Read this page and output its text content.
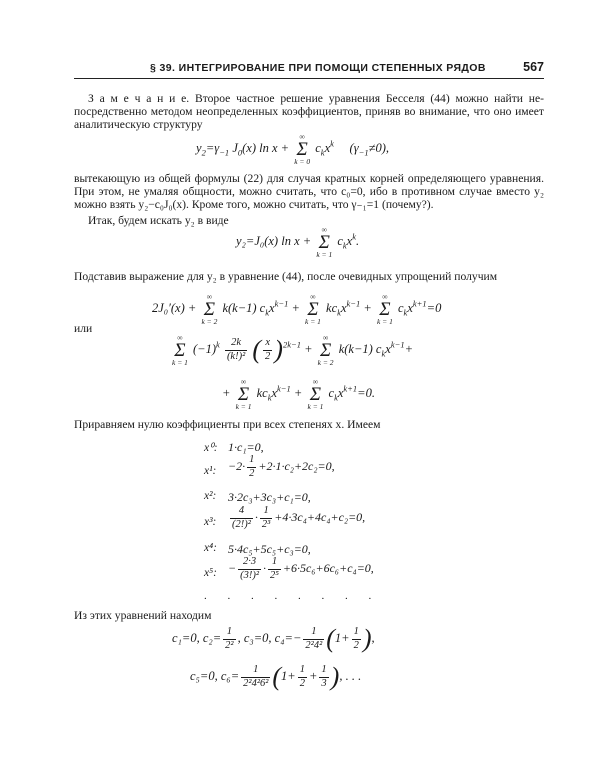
§ 39. ИНТЕГРИРОВАНИЕ ПРИ ПОМОЩИ СТЕПЕННЫХ РЯДОВ	567
З а м е ч а н и е. Второе частное решение уравнения Бесселя (44) можно найти не-посредственно методом неопределенных коэффициентов, приняв во внимание, что оно имеет аналитическую структуру
$y_2=\gamma_{-1}$ $J_0(x)$ ln x +
∞
Σ
k = 0
$c_kx^k$ $(\gamma_{-1}\ne 0)$,
вытекающую из общей формулы (22) для случая кратных корней определяющего уравнения. При этом, не умаляя общности, можно считать, что c₀=0, ибо в противном случае вместо y₂ можно взять y₂−c₀J₀(x). Кроме того, можно считать, что γ₋₁=1 (почему?).
Итак, будем искать y₂ в виде
y₂=J₀(x) ln x +
∞
Σ
k = 1
$c_kx^k$.
Подставив выражение для y₂ в уравнение (44), после очевидных упрощений получим
2J₀′(x) +
∞
Σ
k = 2
k(k−1) $c_kx^{k-1}$ +
∞
Σ
k = 1
$kc_kx^{k-1}$ +
∞
Σ
k = 1
$c_kx^{k+1}=0$
или
∞
Σ
k = 1
$(-1)^k \frac{2k}{\text{(k!)²}}$ ( $\frac{x}{2} )^{2k-1}$ +
∞
Σ
k = 2
k(k−1) $c_kx^{k-1}+$
+
∞
Σ
k = 1
$kc_kx^{k-1}$ +
∞
Σ
k = 1
$c_kx^{k+1}=0$.
Приравняем нулю коэффициенты при всех степенях x. Имеем
x⁰: 1·c₁=0,
x¹: $-2\cdot \frac{1}{2} +2\cdot 1\cdot c_2+2c_2=0$,
x²: 3·2c₃+3c₃+c₁=0,
x³: $\frac{4}{\text{(2!)²}} \cdot \frac{1}{\text{2³}} +4\cdot 3c_4+4c_4+c_2=0$,
x⁴: 5·4c₅+5c₅+c₃=0,
x⁵: − $\frac{2\cdot 3}{\text{(3!)²}} \cdot \frac{1}{\text{2⁵}} +6\cdot 5c_6+6c_6+c_4=0$,
. . . . . . . .
Из этих уравнений находим
c₁=0, $c_2= \frac{1}{\text{2²}}$ , c₃=0, $c_4=- \frac{1}{\text{2²4²}} (1+ \frac{1}{2}$ ),
c₅=0, $c_6= \frac{1}{\text{2²4²6²}} (1+ \frac{1}{2} + \frac{1}{3}$ ), . . .
